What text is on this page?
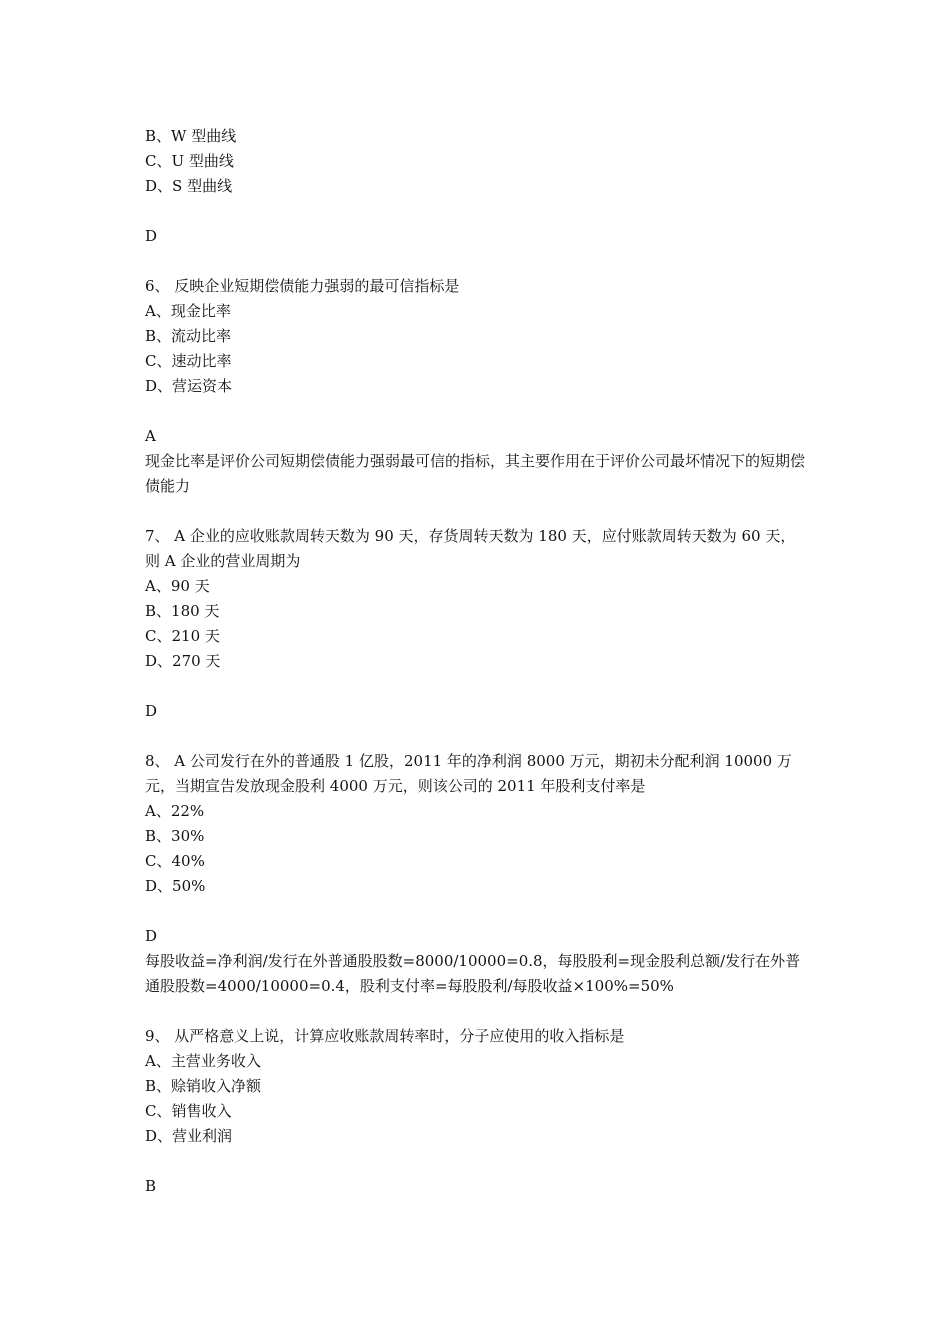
B、W 型曲线
C、U 型曲线
D、S 型曲线
D
6、 反映企业短期偿债能力强弱的最可信指标是
A、现金比率
B、流动比率
C、速动比率
D、营运资本
A
现金比率是评价公司短期偿债能力强弱最可信的指标，其主要作用在于评价公司最坏情况下的短期偿债能力
7、 A 企业的应收账款周转天数为 90 天，存货周转天数为 180 天，应付账款周转天数为 60 天，则 A 企业的营业周期为
A、90 天
B、180 天
C、210 天
D、270 天
D
8、 A 公司发行在外的普通股 1 亿股，2011 年的净利润 8000 万元，期初未分配利润 10000 万元，当期宣告发放现金股利 4000 万元，则该公司的 2011 年股利支付率是
A、22%
B、30%
C、40%
D、50%
D
每股收益=净利润/发行在外普通股股数=8000/10000=0.8，每股股利=现金股利总额/发行在外普通股股数=4000/10000=0.4，股利支付率=每股股利/每股收益×100%=50%
9、 从严格意义上说，计算应收账款周转率时，分子应使用的收入指标是
A、主营业务收入
B、赊销收入净额
C、销售收入
D、营业利润
B
